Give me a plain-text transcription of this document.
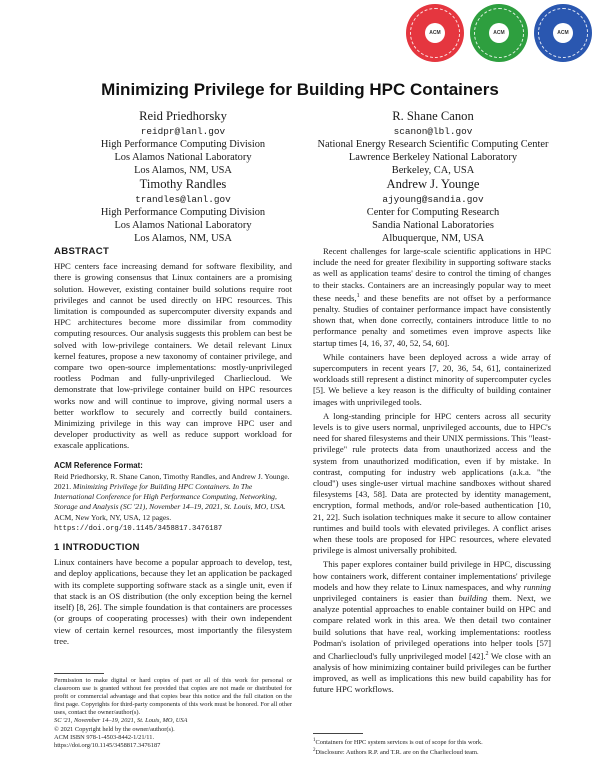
ACM	ACM	ACM
Minimizing Privilege for Building HPC Containers
Reid Priedhorsky
reidpr@lanl.gov
High Performance Computing Division
Los Alamos National Laboratory
Los Alamos, NM, USA
R. Shane Canon
scanon@lbl.gov
National Energy Research Scientific Computing Center
Lawrence Berkeley National Laboratory
Berkeley, CA, USA
Timothy Randles
trandles@lanl.gov
High Performance Computing Division
Los Alamos National Laboratory
Los Alamos, NM, USA
Andrew J. Younge
ajyoung@sandia.gov
Center for Computing Research
Sandia National Laboratories
Albuquerque, NM, USA
ABSTRACT

HPC centers face increasing demand for software flexibility, and there is growing consensus that Linux containers are a promising solution. However, existing container build solutions require root privileges and cannot be used directly on HPC resources. This limitation is compounded as supercomputer diversity expands and HPC architectures become more dissimilar from commodity computing resources. Our analysis suggests this problem can best be solved with low-privilege containers. We detail relevant Linux kernel features, propose a new taxonomy of container privilege, and compare two open-source implementations: mostly-unprivileged rootless Podman and fully-unprivileged Charliecloud. We demonstrate that low-privilege container build on HPC resources works now and will continue to improve, giving normal users a better workflow to securely and correctly build containers. Minimizing privilege in this way can improve HPC user and developer productivity as well as reduce support workload for exascale applications.

ACM Reference Format:
Reid Priedhorsky, R. Shane Canon, Timothy Randles, and Andrew J. Younge. 2021. Minimizing Privilege for Building HPC Containers. In The International Conference for High Performance Computing, Networking, Storage and Analysis (SC '21), November 14–19, 2021, St. Louis, MO, USA. ACM, New York, NY, USA, 12 pages. https://doi.org/10.1145/3458817.3476187
1 INTRODUCTION

Linux containers have become a popular approach to develop, test, and deploy applications, because they let an application be packaged with its complete supporting software stack as a single unit, even if that stack is an OS distribution (the only exception being the kernel itself) [8, 26]. The simple foundation is that containers are processes (or groups of cooperating processes) with their own independent view of certain kernel resources, most importantly the filesystem tree.

Permission to make digital or hard copies of part or all of this work for personal or classroom use is granted without fee provided that copies are not made or distributed for profit or commercial advantage and that copies bear this notice and the full citation on the first page. Copyrights for third-party components of this work must be honored. For all other uses, contact the owner/author(s).
SC '21, November 14–19, 2021, St. Louis, MO, USA
© 2021 Copyright held by the owner/author(s).
ACM ISBN 978-1-4503-8442-1/21/11.
https://doi.org/10.1145/3458817.3476187

Recent challenges for large-scale scientific applications in HPC include the need for greater flexibility in supporting software stacks as well as application teams' desire to control the timing of changes to their stacks. Containers are an increasingly popular way to meet these needs,$^1$ and these benefits are not offset by a performance penalty. Studies of container performance impact have consistently shown that, when done correctly, containers introduce little to no performance penalty and sometimes even improve aspects like startup times [4, 16, 37, 40, 52, 54, 60].

While containers have been deployed across a wide array of supercomputers in recent years [7, 20, 36, 54, 61], containerized workloads still represent a distinct minority of supercomputer cycles [5]. We believe a key reason is the difficulty of building container images with unprivileged tools.

A long-standing principle for HPC centers across all security levels is to give users normal, unprivileged accounts, due to HPC's need for shared filesystems and their UNIX permissions. This "least-privilege" rule protects data from unauthorized access and the system from unauthorized modification, even if by mistake. In contrast, computing for industry web applications (a.k.a. "the cloud") uses single-user virtual machine sandboxes without shared filesystems [43, 58]. Data are protected by identity management, encryption, formal methods, and/or role-based authentication [10, 21, 22]. Such isolation techniques make it secure to allow container runtimes and build tools with elevated privileges. A conflict arises when these tools are proposed for HPC resources, where elevated privilege is almost universally prohibited.

This paper explores container build privilege in HPC, discussing how containers work, different container implementations' privilege models and how they relate to Linux namespaces, and why running unprivileged containers is easier than building them. Next, we analyze potential approaches to enable container build on HPC and compare related work in this area. We then detail two container build solutions that have real, working implementations: rootless Podman's isolation of privileged operations into helper tools [57] and Charliecloud's fully unprivileged model [42].$^2$ We close with an analysis of how minimizing container build privileges can be further improved, as well as implications this new build capability has for future HPC workflows.

$^1$Containers for HPC system services is out of scope for this work.
$^2$Disclosure: Authors R.P. and T.R. are on the Charliecloud team.
